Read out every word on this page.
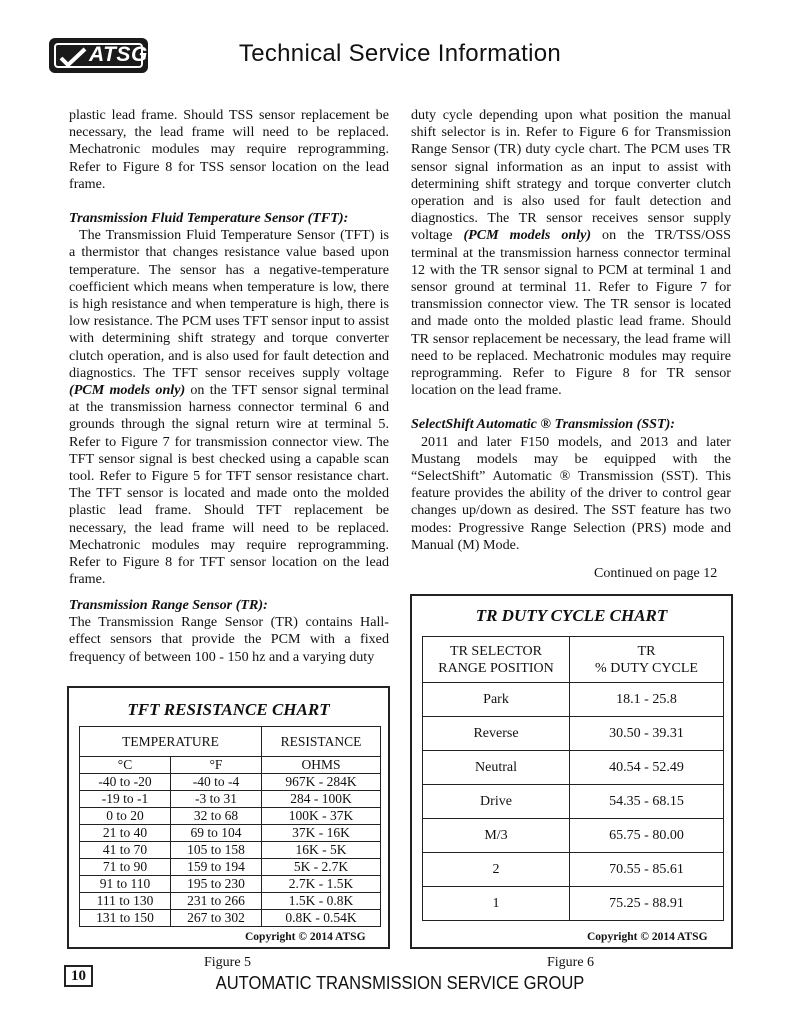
ATSG	Technical Service Information

plastic lead frame. Should TSS sensor replacement be necessary, the lead frame will need to be replaced. Mechatronic modules may require reprogramming. Refer to Figure 8 for TSS sensor location on the lead frame.

Transmission Fluid Temperature Sensor (TFT):

The Transmission Fluid Temperature Sensor (TFT) is a thermistor that changes resistance value based upon temperature. The sensor has a negative-temperature coefficient which means when temperature is low, there is high resistance and when temperature is high, there is low resistance. The PCM uses TFT sensor input to assist with determining shift strategy and torque converter clutch operation, and is also used for fault detection and diagnostics. The TFT sensor receives supply voltage (PCM models only) on the TFT sensor signal terminal at the transmission harness connector terminal 6 and grounds through the signal return wire at terminal 5. Refer to Figure 7 for transmission connector view. The TFT sensor signal is best checked using a capable scan tool. Refer to Figure 5 for TFT sensor resistance chart. The TFT sensor is located and made onto the molded plastic lead frame. Should TFT replacement be necessary, the lead frame will need to be replaced. Mechatronic modules may require reprogramming. Refer to Figure 8 for TFT sensor location on the lead frame.

Transmission Range Sensor (TR):

The Transmission Range Sensor (TR) contains Hall-effect sensors that provide the PCM with a fixed frequency of between 100 - 150 hz and a varying duty

duty cycle depending upon what position the manual shift selector is in. Refer to Figure 6 for Transmission Range Sensor (TR) duty cycle chart. The PCM uses TR sensor signal information as an input to assist with determining shift strategy and torque converter clutch operation and is also used for fault detection and diagnostics. The TR sensor receives sensor supply voltage (PCM models only) on the TR/TSS/OSS terminal at the transmission harness connector terminal 12 with the TR sensor signal to PCM at terminal 1 and sensor ground at terminal 11. Refer to Figure 7 for transmission connector view. The TR sensor is located and made onto the molded plastic lead frame. Should TR sensor replacement be necessary, the lead frame will need to be replaced. Mechatronic modules may require reprogramming. Refer to Figure 8 for TR sensor location on the lead frame.

SelectShift Automatic ® Transmission (SST):

2011 and later F150 models, and 2013 and later Mustang models may be equipped with the “SelectShift” Automatic ® Transmission (SST). This feature provides the ability of the driver to control gear changes up/down as desired. The SST feature has two modes: Progressive Range Selection (PRS) mode and Manual (M) Mode.

Continued on page 12
TFT RESISTANCE CHART
TEMPERATURE		RESISTANCE
°C	°F	OHMS
-40 to -20	-40 to -4	967K - 284K
-19 to -1	-3 to 31	284 - 100K
0 to 20	32 to 68	100K - 37K
21 to 40	69 to 104	37K - 16K
41 to 70	105 to 158	16K - 5K
71 to 90	159 to 194	5K - 2.7K
91 to 110	195 to 230	2.7K - 1.5K
111 to 130	231 to 266	1.5K - 0.8K
131 to 150	267 to 302	0.8K - 0.54K
Copyright © 2014 ATSG
Figure 5
TR DUTY CYCLE CHART
TR SELECTOR
RANGE POSITION	TR
% DUTY CYCLE
Park	18.1 - 25.8
Reverse	30.50 - 39.31
Neutral	40.54 - 52.49
Drive	54.35 - 68.15
M/3	65.75 - 80.00
2	70.55 - 85.61
1	75.25 - 88.91
Copyright © 2014 ATSG
Figure 6
10	AUTOMATIC TRANSMISSION SERVICE GROUP
